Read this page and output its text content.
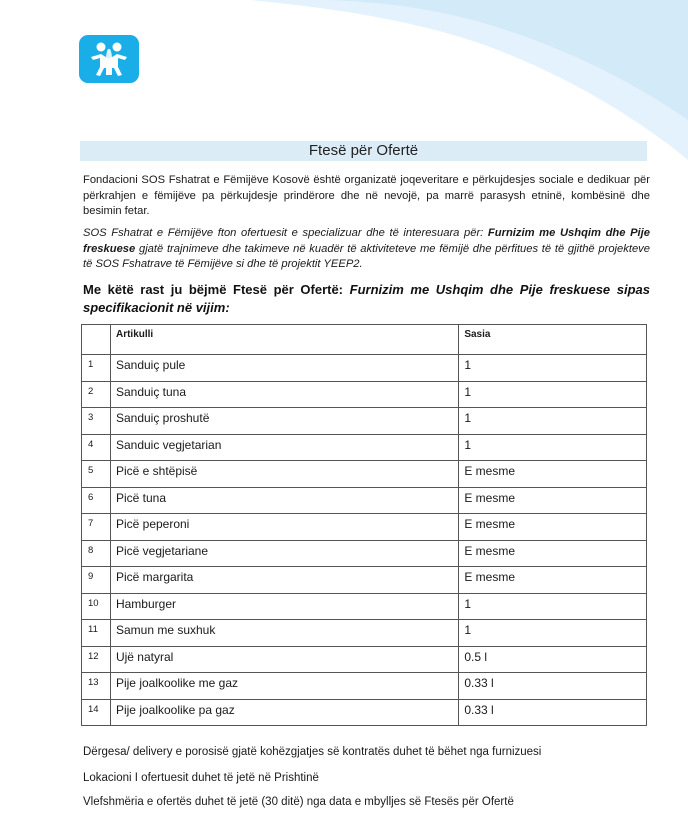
Ftesë për Ofertë
Fondacioni SOS Fshatrat e Fëmijëve Kosovë është organizatë joqeveritare e përkujdesjes sociale e dedikuar për përkrahjen e fëmijëve pa përkujdesje prindërore dhe në nevojë, pa marrë parasysh etninë, kombësinë dhe besimin fetar.
SOS Fshatrat e Fëmijëve fton ofertuesit e specializuar dhe të interesuara për: Furnizim me Ushqim dhe Pije freskuese gjatë trajnimeve dhe takimeve në kuadër të aktiviteteve me fëmijë dhe përfitues të të gjithë projekteve të SOS Fshatrave të Fëmijëve si dhe të projektit YEEP2.
Me këtë rast ju bëjmë Ftesë për Ofertë: Furnizim me Ushqim dhe Pije freskuese sipas specifikacionit në vijim:
	Artikulli	Sasia
1	Sanduiç pule	1
2	Sanduiç tuna	1
3	Sanduiç proshutë	1
4	Sanduic vegjetarian	1
5	Picë e shtëpisë	E mesme
6	Picë tuna	E mesme
7	Picë peperoni	E mesme
8	Picë vegjetariane	E mesme
9	Picë margarita	E mesme
10	Hamburger	1
11	Samun me suxhuk	1
12	Ujë natyral	0.5 l
13	Pije joalkoolike me gaz	0.33 l
14	Pije joalkoolike pa gaz	0.33 l
Dërgesa/ delivery e porosisë gjatë kohëzgjatjes së kontratës duhet të bëhet nga furnizuesi
Lokacioni I ofertuesit duhet të jetë në Prishtinë
Vlefshmëria e ofertës duhet të jetë (30 ditë) nga data e mbylljes së Ftesës për Ofertë
